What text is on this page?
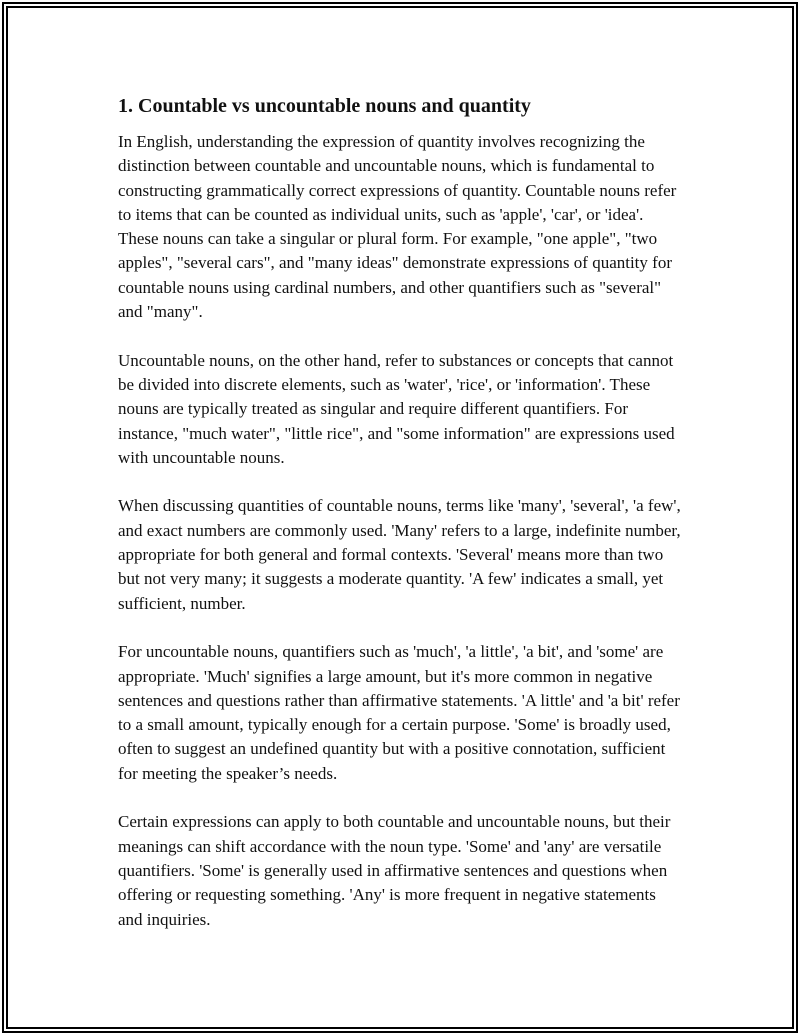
1. Countable vs uncountable nouns and quantity

In English, understanding the expression of quantity involves recognizing the distinction between countable and uncountable nouns, which is fundamental to constructing grammatically correct expressions of quantity. Countable nouns refer to items that can be counted as individual units, such as 'apple', 'car', or 'idea'. These nouns can take a singular or plural form. For example, "one apple", "two apples", "several cars", and "many ideas" demonstrate expressions of quantity for countable nouns using cardinal numbers, and other quantifiers such as "several" and "many".

Uncountable nouns, on the other hand, refer to substances or concepts that cannot be divided into discrete elements, such as 'water', 'rice', or 'information'. These nouns are typically treated as singular and require different quantifiers. For instance, "much water", "little rice", and "some information" are expressions used with uncountable nouns.

When discussing quantities of countable nouns, terms like 'many', 'several', 'a few', and exact numbers are commonly used. 'Many' refers to a large, indefinite number, appropriate for both general and formal contexts. 'Several' means more than two but not very many; it suggests a moderate quantity. 'A few' indicates a small, yet sufficient, number.

For uncountable nouns, quantifiers such as 'much', 'a little', 'a bit', and 'some' are appropriate. 'Much' signifies a large amount, but it's more common in negative sentences and questions rather than affirmative statements. 'A little' and 'a bit' refer to a small amount, typically enough for a certain purpose. 'Some' is broadly used, often to suggest an undefined quantity but with a positive connotation, sufficient for meeting the speaker’s needs.

Certain expressions can apply to both countable and uncountable nouns, but their meanings can shift accordance with the noun type. 'Some' and 'any' are versatile quantifiers. 'Some' is generally used in affirmative sentences and questions when offering or requesting something. 'Any' is more frequent in negative statements and inquiries.
